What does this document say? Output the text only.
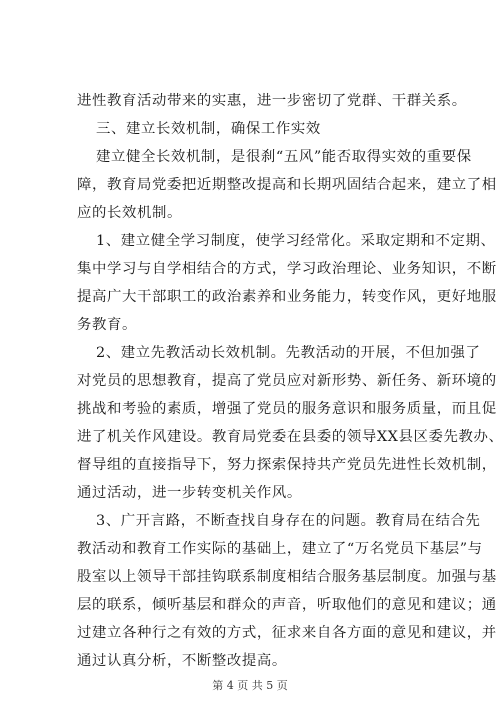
进性教育活动带来的实惠，进一步密切了党群、干群关系。
三、建立长效机制，确保工作实效
建立健全长效机制，是很刹“五风”能否取得实效的重要保
障，教育局党委把近期整改提高和长期巩固结合起来，建立了相
应的长效机制。
1、建立健全学习制度，使学习经常化。采取定期和不定期、
集中学习与自学相结合的方式，学习政治理论、业务知识，不断
提高广大干部职工的政治素养和业务能力，转变作风，更好地服
务教育。
2、建立先教活动长效机制。先教活动的开展，不但加强了
对党员的思想教育，提高了党员应对新形势、新任务、新环境的
挑战和考验的素质，增强了党员的服务意识和服务质量，而且促
进了机关作风建设。教育局党委在县委的领导XX县区委先教办、
督导组的直接指导下，努力探索保持共产党员先进性长效机制，
通过活动，进一步转变机关作风。
3、广开言路，不断查找自身存在的问题。教育局在结合先
教活动和教育工作实际的基础上，建立了“万名党员下基层”与
股室以上领导干部挂钩联系制度相结合服务基层制度。加强与基
层的联系，倾听基层和群众的声音，听取他们的意见和建议；通
过建立各种行之有效的方式，征求来自各方面的意见和建议，并
通过认真分析，不断整改提高。
第 4 页 共 5 页
